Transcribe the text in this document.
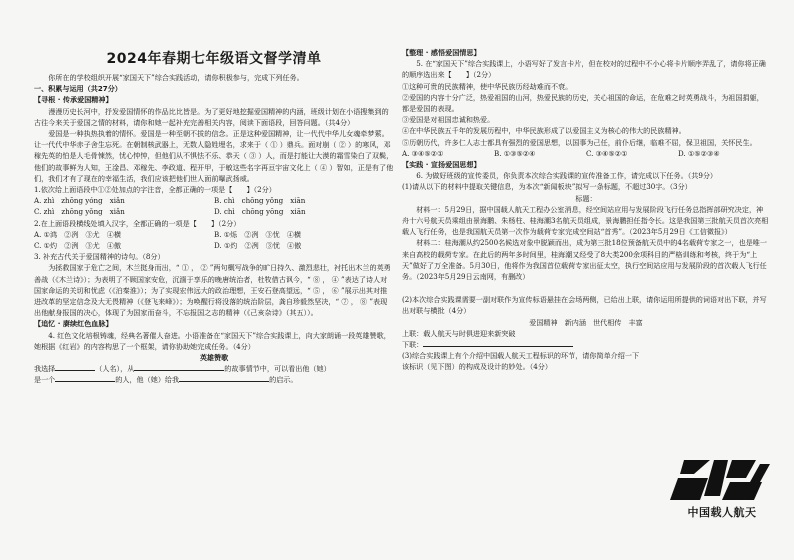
2024年春期七年级语文督学清单

你所在的学校组织开展“家国天下”综合实践活动，请你积极参与，完成下列任务。

一、积累与运用（共27分）

【寻根 · 传承爱国精神】

漫漫历史长河中，抒发爱国情怀的作品比比皆是。为了更好地挖掘爱国精神的内涵，班级计划在小语搜集到的古往今来关于爱国之情的材料，请你和她一起补充完善相关内容，阅读下面语段，回答问题。（共4分）

爱国是一种执热执着的情怀。爱国是一种至朝不拔的信念。正是这种爱国精神，让一代代中华儿女魂牵梦萦。让一代代中华赤子舍生忘死。在朝制核武器上，无数人隐姓埋名，求来于（ ① ）鼎兵。面对崩（ ② ）的寒风，邓稼先英的怕是人毛骨悚然，忧心忡忡，但他们从不惧怯不乐、恭天（ ③ ）人，而是打能让大漠的霜雪染白了双鬓，他们的故事鲜为人知，王淦昌、邓稼先、李政道、程开甲，于敏这些名字再亘宇宙文化上（ ④ ）智如，正是有了他们，我们才有了现在的幸福生活，我们应该把他们世人面前曝武扬威。

1.依次给上面语段中①②处加点的字注音，全都正确的一项是【　　】（2分）

A. zhì　zhōng yóng　xiǎn	B. chì　chōng yǒng　xiān
C. zhì　zhōng yǒng　xiǎn	D. chì　chōng yōng　xiān

2.在上面语段横线处填入汉字，全都正确的一项是【　　】（2分）

A. ①鸿　②冽　③尤　④横	B. ①烁　②冽　③忧　④横
C. ①灼　②洌　③尤　④傲	D. ①灼　②冽　③忧　④傲

3. 补充古代关于爱国精神的诗句。（8分）

为拯救国家于危亡之间，木兰挺身而出，“ ① ， ② ”两句概写战争的旷日持久、激烈悲壮，衬托出木兰的英勇善战（《木兰诗》）；为表明了不顾国家安危，沉湎于享乐的晚唐统治者，杜牧借古讽今，“ ⑧ ， ④ ”表达了诗人对国家命运的关切和忧虑（《泊秦淮》）；为了实现宏伟远大的政治理想，王安石登高望远，“ ⑤ ， ⑥ ”展示出其对推进改革的坚定信念及大无畏精神（《登飞来峰》）；为唤醒行将没落的统治阶层，龚自珍毅然坚决，“ ⑦ ， ⑧ ”表现出他献身报国的决心，体现了为国家而奋斗，不忘报国之志的精神（《己亥杂诗》（其五））。

【追忆 · 赓续红色血脉】

4. 红色文化培根铸魂，经典名著催人奋进。小语准备在“家国天下”综合实践课上，向大家朗诵一段英雄赞歌，她根据《红岩》的内容构思了一个框架，请你协助她完成任务。（4分）

英雄赞歌

我选择	（人名），从	的故事情节中，可以看出他（她）

是一个	的人，他（她）给我	的启示。

【整理 · 感悟爱国情思】

5. 在“家国天下”综合实践课上，小语写好了发言卡片，但在校对的过程中不小心将卡片顺序弄乱了，请你将正确的顺序选出来【　　】（2分）

①这种可贵的民族精神，使中华民族历经劫难而不衰。

②爱国的内容十分广泛，热爱祖国的山河，热爱民族的历史，关心祖国的命运，在危难之时英勇战斗，为祖国捐躯，都是爱国的表现。

③爱国是对祖国忠诚和热爱。

④在中华民族五千年的发展历程中，中华民族形成了以爱国主义为核心的伟大的民族精神。

⑤历朝历代，许多仁人志士都具有强烈的爱国思想，以国事为己任，前仆后继，临难不屈，保卫祖国，关怀民生。

A. ③④⑤②①	B. ①③⑤②④	C. ③④⑤②①	D. ①⑤②③④

【实践 · 宣扬爱国思想】

6. 为做好班级的宣传委员，你负责本次综合实践课的宣传准备工作，请完成以下任务。（共9分）

(1)请从以下的材料中提取关键信息，为本次“新闻板块”拟写一条标题，不超过30字。（3分）

标题：

材料一：5月29日，据中国载人航天工程办公室消息，经空间站应用与发展阶段飞行任务总指挥部研究决定，神舟十六号航天员乘组由景海鹏、朱杨柱、桂海潮3名航天员组成，景海鹏担任指令长。这是我国第三批航天员首次亮相载人飞行任务，也是我国航天员第一次作为载荷专家完成空间站“首秀”。（2023年5月29日《工信微报》）

材料二：桂海潮从约2500名候选对象中脱颖而出，成为第三批18位预备航天员中的4名载荷专家之一，也是唯一来自高校的载荷专家。在此后的两年多时间里，桂海潮又经受了8大类200余项科目的严格训练和考核，终于为“上天”做好了万全准备。5月30日，他将作为我国首位载荷专家出征太空，执行空间站应用与发展阶段的首次载人飞行任务。（2023年5月29日云南网，有删改）

(2)本次综合实践课需要一副对联作为宣传标语悬挂在会场两侧，已给出上联，请你运用所提供的词语对出下联，并写出对联与横批（4分）

爱国精神　新内涵　世代相传　丰富

上联：载人航天与时俱进迎来新突破

下联：

(3)综合实践课上有个介绍中国载人航天工程标识的环节，请你简单介绍一下该标识（见下图）的构成及设计的妙处。（4分）

中国载人航天
